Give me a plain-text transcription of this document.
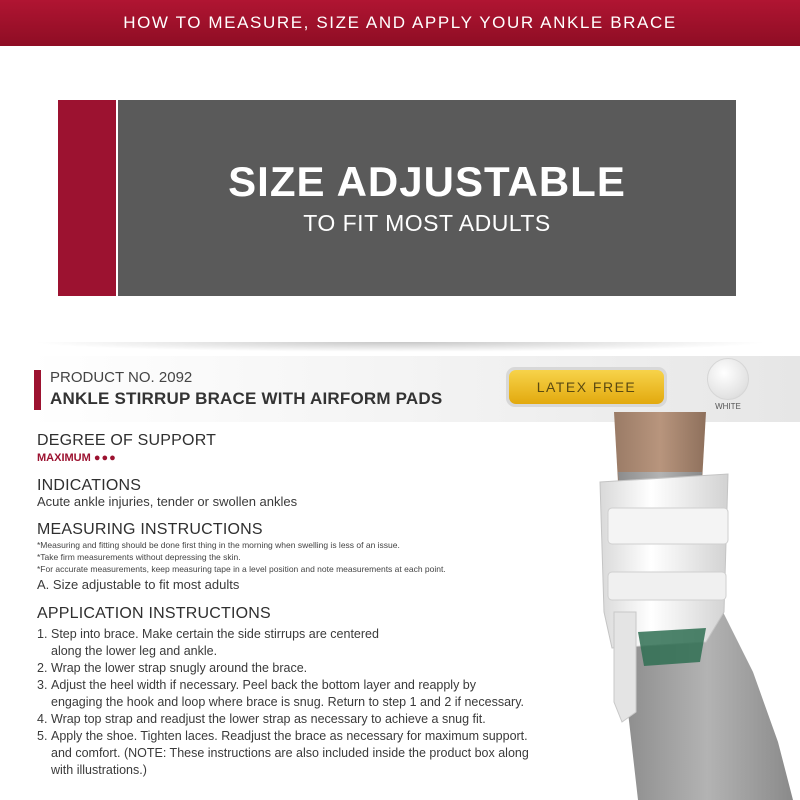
HOW TO MEASURE, SIZE AND APPLY YOUR ANKLE BRACE
SIZE ADJUSTABLE
TO FIT MOST ADULTS
PRODUCT NO. 2092
ANKLE STIRRUP BRACE WITH AIRFORM PADS
LATEX FREE
WHITE
DEGREE OF SUPPORT
MAXIMUM ●●●
INDICATIONS
Acute ankle injuries, tender or swollen ankles
MEASURING INSTRUCTIONS
*Measuring and fitting should be done first thing in the morning when swelling is less of an issue.
*Take firm measurements without depressing the skin.
*For accurate measurements, keep measuring tape in a level position and note measurements at each point.
A. Size adjustable to fit most adults
APPLICATION INSTRUCTIONS
1. Step into brace. Make certain the side stirrups are centered
along the lower leg and ankle.
2. Wrap the lower strap snugly around the brace.
3. Adjust the heel width if necessary. Peel back the bottom layer and reapply by
engaging the hook and loop where brace is snug. Return to step 1 and 2 if necessary.
4. Wrap top strap and readjust the lower strap as necessary to achieve a snug fit.
5. Apply the shoe. Tighten laces. Readjust the brace as necessary for maximum support.
and comfort. (NOTE: These instructions are also included inside the product box along
with illustrations.)
